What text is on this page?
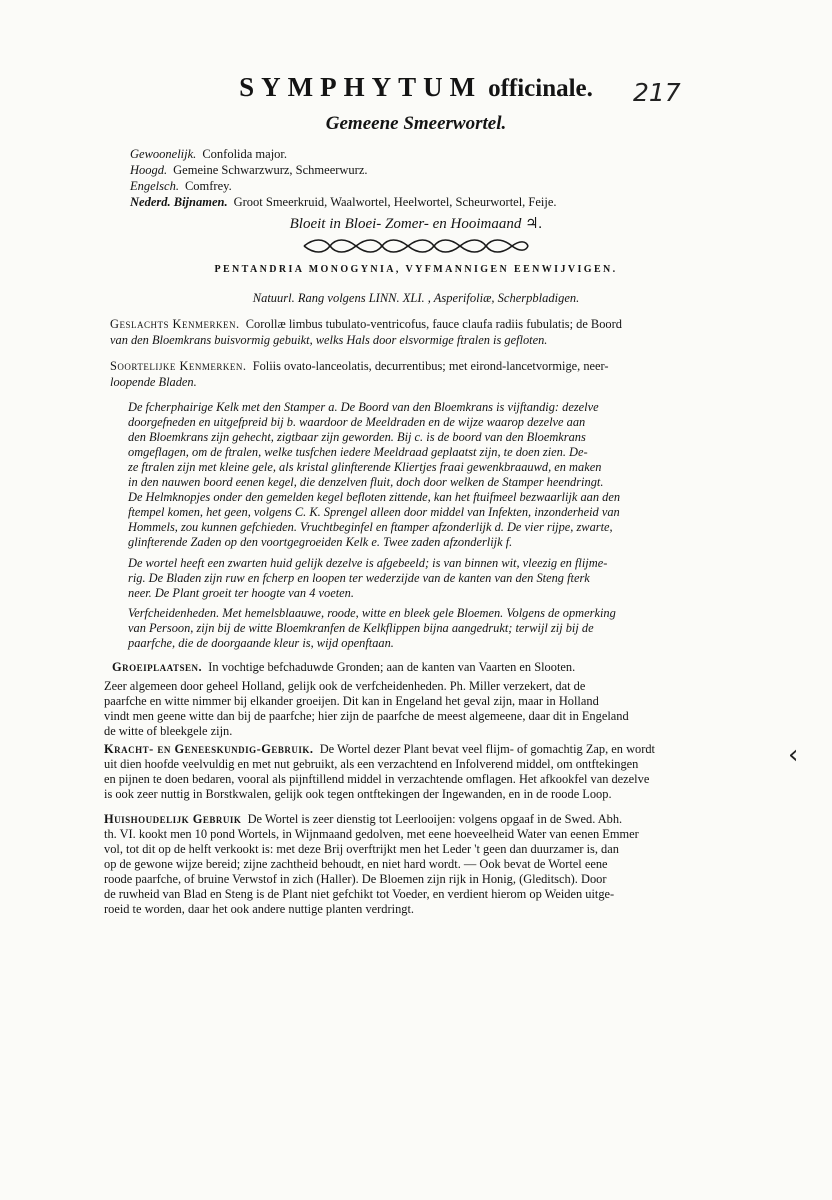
SYMPHYTUM officinale.	217
Gemeene Smeerwortel.
Gewoonelijk. Confolida major.
Hoogd. Gemeine Schwarzwurz, Schmeerwurz.
Engelsch. Comfrey.
Nederd. Bijnamen. Groot Smeerkruid, Waalwortel, Heelwortel, Scheurwortel, Feije.
Bloeit in Bloei- Zomer- en Hooimaand ♃.
PENTANDRIA MONOGYNIA, VYFMANNIGEN EENWIJVIGEN.
Natuurl. Rang volgens LINN. XLI. , Asperifoliæ, Scherpbladigen.
Geslachts Kenmerken. Corollæ limbus tubulato-ventricofus, fauce claufa radiis fubulatis; de Boord
van den Bloemkrans buisvormig gebuikt, welks Hals door elsvormige ftralen is gefloten.
Soortelijke Kenmerken. Foliis ovato-lanceolatis, decurrentibus; met eirond-lancetvormige, neer-
loopende Bladen.
De fcherphairige Kelk met den Stamper a. De Boord van den Bloemkrans is vijftandig: dezelve
doorgefneden en uitgefpreid bij b. waardoor de Meeldraden en de wijze waarop dezelve aan
den Bloemkrans zijn gehecht, zigtbaar zijn geworden. Bij c. is de boord van den Bloemkrans
omgeflagen, om de ftralen, welke tusfchen iedere Meeldraad geplaatst zijn, te doen zien. De-
ze ftralen zijn met kleine gele, als kristal glinfterende Kliertjes fraai gewenkbraauwd, en maken
in den nauwen boord eenen kegel, die denzelven fluit, doch door welken de Stamper heendringt.
De Helmknopjes onder den gemelden kegel befloten zittende, kan het ftuifmeel bezwaarlijk aan den
ftempel komen, het geen, volgens C. K. Sprengel alleen door middel van Infekten, inzonderheid van
Hommels, zou kunnen gefchieden. Vruchtbeginfel en ftamper afzonderlijk d. De vier rijpe, zwarte,
glinfterende Zaden op den voortgegroeiden Kelk e. Twee zaden afzonderlijk f.
De wortel heeft een zwarten huid gelijk dezelve is afgebeeld; is van binnen wit, vleezig en flijme-
rig. De Bladen zijn ruw en fcherp en loopen ter wederzijde van de kanten van den Steng fterk
neer. De Plant groeit ter hoogte van 4 voeten.
Verfcheidenheden. Met hemelsblaauwe, roode, witte en bleek gele Bloemen. Volgens de opmerking
van Persoon, zijn bij de witte Bloemkranfen de Kelkflippen bijna aangedrukt; terwijl zij bij de
paarfche, die de doorgaande kleur is, wijd openftaan.
Groeiplaatsen. In vochtige befchaduwde Gronden; aan de kanten van Vaarten en Slooten.
Zeer algemeen door geheel Holland, gelijk ook de verfcheidenheden. Ph. Miller verzekert, dat de
paarfche en witte nimmer bij elkander groeijen. Dit kan in Engeland het geval zijn, maar in Holland
vindt men geene witte dan bij de paarfche; hier zijn de paarfche de meest algemeene, daar dit in Engeland
de witte of bleekgele zijn.
Kracht- en Geneeskundig-Gebruik. De Wortel dezer Plant bevat veel flijm- of gomachtig Zap, en wordt
uit dien hoofde veelvuldig en met nut gebruikt, als een verzachtend en Infolverend middel, om ontftekingen
en pijnen te doen bedaren, vooral als pijnftillend middel in verzachtende omflagen. Het afkookfel van dezelve
is ook zeer nuttig in Borstkwalen, gelijk ook tegen ontftekingen der Ingewanden, en in de roode Loop.
Huishoudelijk Gebruik De Wortel is zeer dienstig tot Leerlooijen: volgens opgaaf in de Swed. Abh.
th. VI. kookt men 10 pond Wortels, in Wijnmaand gedolven, met eene hoeveelheid Water van eenen Emmer
vol, tot dit op de helft verkookt is: met deze Brij overftrijkt men het Leder 't geen dan duurzamer is, dan
op de gewone wijze bereid; zijne zachtheid behoudt, en niet hard wordt. — Ook bevat de Wortel eene
roode paarfche, of bruine Verwstof in zich (Haller). De Bloemen zijn rijk in Honig, (Gleditsch). Door
de ruwheid van Blad en Steng is de Plant niet gefchikt tot Voeder, en verdient hierom op Weiden uitge-
roeid te worden, daar het ook andere nuttige planten verdringt.
‹
